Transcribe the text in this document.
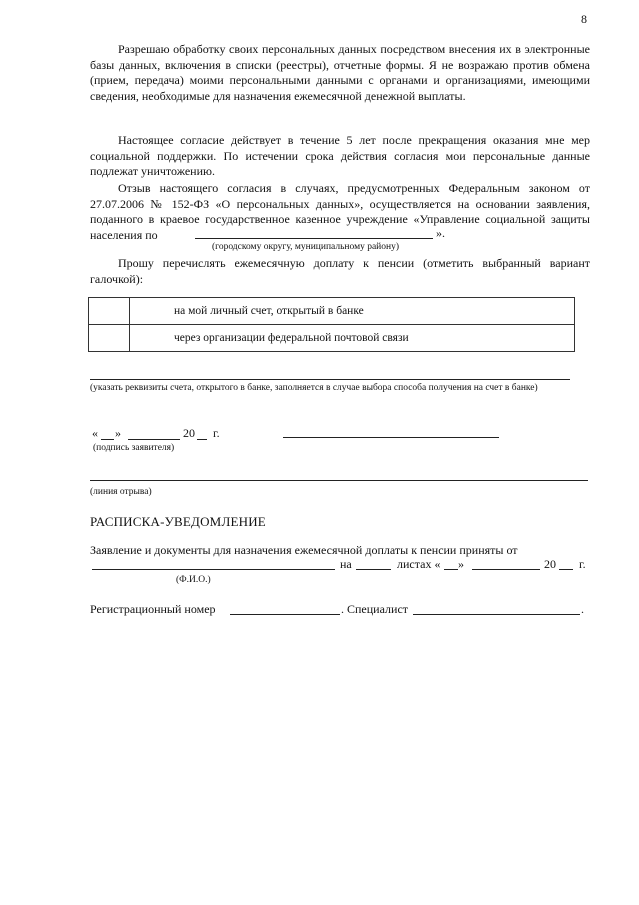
8
Разрешаю обработку своих персональных данных посредством внесения их в электронные базы данных, включения в списки (реестры), отчетные формы. Я не возражаю против обмена (прием, передача) моими персональными данными с органами и организациями, имеющими сведения, необходимые для назначения ежемесячной денежной выплаты.
Настоящее согласие действует в течение 5 лет после прекращения оказания мне мер социальной поддержки. По истечении срока действия согласия мои персональные данные подлежат уничтожению.
Отзыв настоящего согласия в случаях, предусмотренных Федеральным законом от 27.07.2006 № 152-ФЗ «О персональных данных», осуществляется на основании заявления, поданного в краевое государственное казенное учреждение «Управление социальной защиты населения по	».
(городскому округу, муниципальному району)
Прошу перечислять ежемесячную доплату к пенсии (отметить выбранный вариант галочкой):
	на мой личный счет, открытый в банке
	через организации федеральной почтовой связи
(указать реквизиты счета, открытого в банке, заполняется в случае выбора способа получения на счет в банке)
« »	20 г.
(подпись заявителя)
(линия отрыва)
РАСПИСКА-УВЕДОМЛЕНИЕ
Заявление и документы для назначения ежемесячной доплаты к пенсии приняты от
на	листах « »	20 г.
(Ф.И.О.)
Регистрационный номер	. Специалист	.
